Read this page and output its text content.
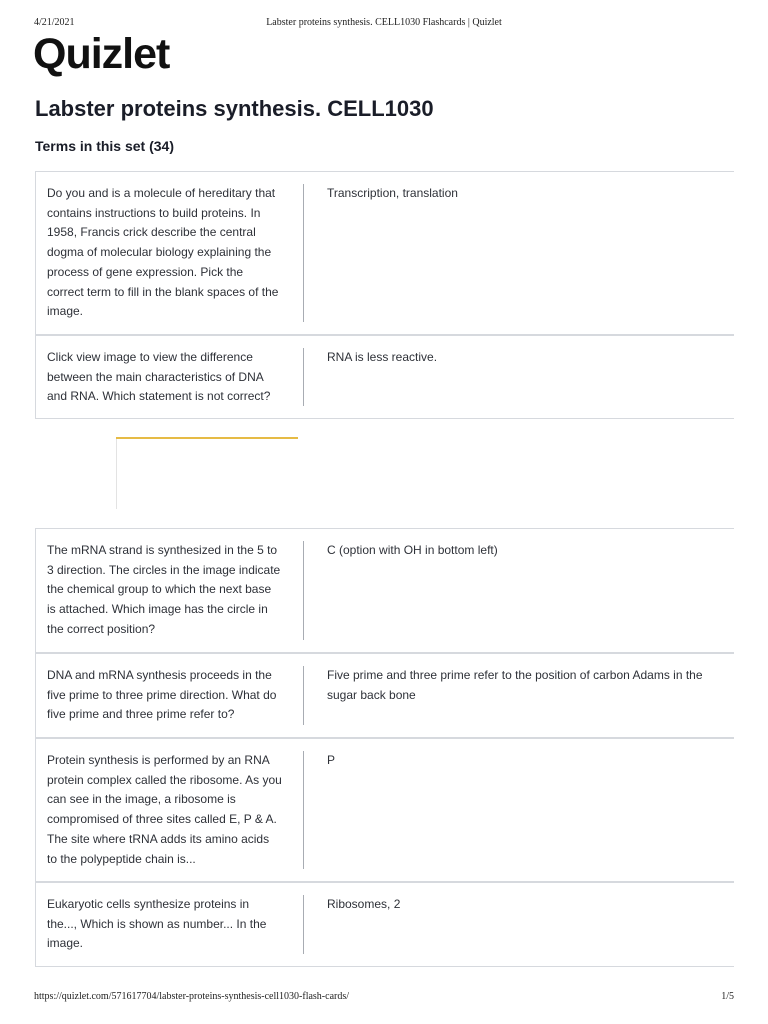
4/21/2021	Labster proteins synthesis. CELL1030 Flashcards | Quizlet
Quizlet
Labster proteins synthesis. CELL1030
Terms in this set (34)
Do you and is a molecule of hereditary that contains instructions to build proteins. In 1958, Francis crick describe the central dogma of molecular biology explaining the process of gene expression. Pick the correct term to fill in the blank spaces of the image.
Transcription, translation
Click view image to view the difference between the main characteristics of DNA and RNA. Which statement is not correct?
RNA is less reactive.
The mRNA strand is synthesized in the 5 to 3 direction. The circles in the image indicate the chemical group to which the next base is attached. Which image has the circle in the correct position?
C (option with OH in bottom left)
DNA and mRNA synthesis proceeds in the five prime to three prime direction. What do five prime and three prime refer to?
Five prime and three prime refer to the position of carbon Adams in the sugar back bone
Protein synthesis is performed by an RNA protein complex called the ribosome. As you can see in the image, a ribosome is compromised of three sites called E, P & A. The site where tRNA adds its amino acids to the polypeptide chain is...
P
Eukaryotic cells synthesize proteins in the..., Which is shown as number... In the image.
Ribosomes, 2
https://quizlet.com/571617704/labster-proteins-synthesis-cell1030-flash-cards/	1/5
